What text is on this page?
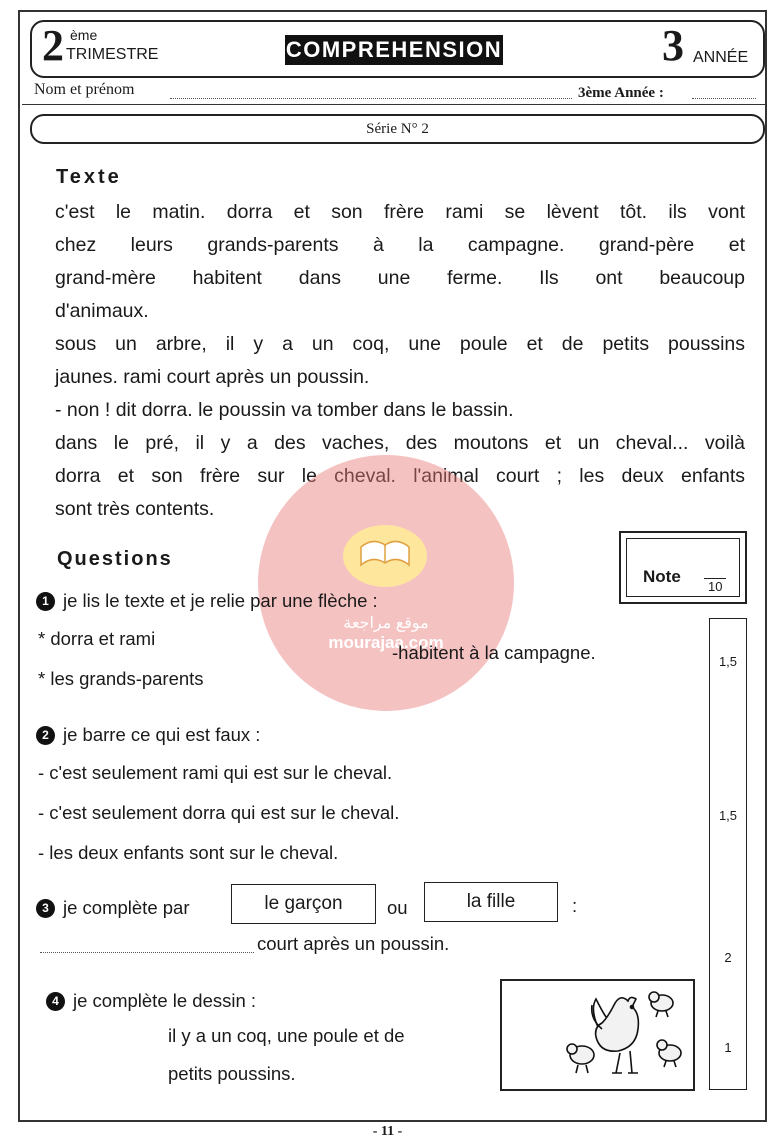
2 ème
TRIMESTRE	COMPREHENSION	3 ANNÉE
Nom et prénom	3ème Année :
Série N° 2
Texte

c'est le matin. dorra et son frère rami se lèvent tôt. ils vont

chez leurs grands-parents à la campagne. grand-père et

grand-mère habitent dans une ferme. Ils ont beaucoup

d'animaux.

sous un arbre, il y a un coq, une poule et de petits poussins

jaunes. rami court après un poussin.

- non ! dit dorra. le poussin va tomber dans le bassin.

dans le pré, il y a des vaches, des moutons et un cheval... voilà

dorra et son frère sur le cheval. l'animal court ; les deux enfants

sont très contents.

موقع مراجعة
mourajaa.com
Questions
Note
10
1,5
1,5
2
1
1 je lis le texte et je relie par une flèche :
* dorra et rami
* les grands-parents
-habitent à la campagne.
2 je barre ce qui est faux :
- c'est seulement rami qui est sur le cheval.
- c'est seulement dorra qui est sur le cheval.
- les deux enfants sont sur le cheval.
3 je complète par	le garçon	ou	la fille	:
court après un poussin.
4 je complète le dessin :
il y a un coq, une poule et de
petits poussins.
- 11 -
